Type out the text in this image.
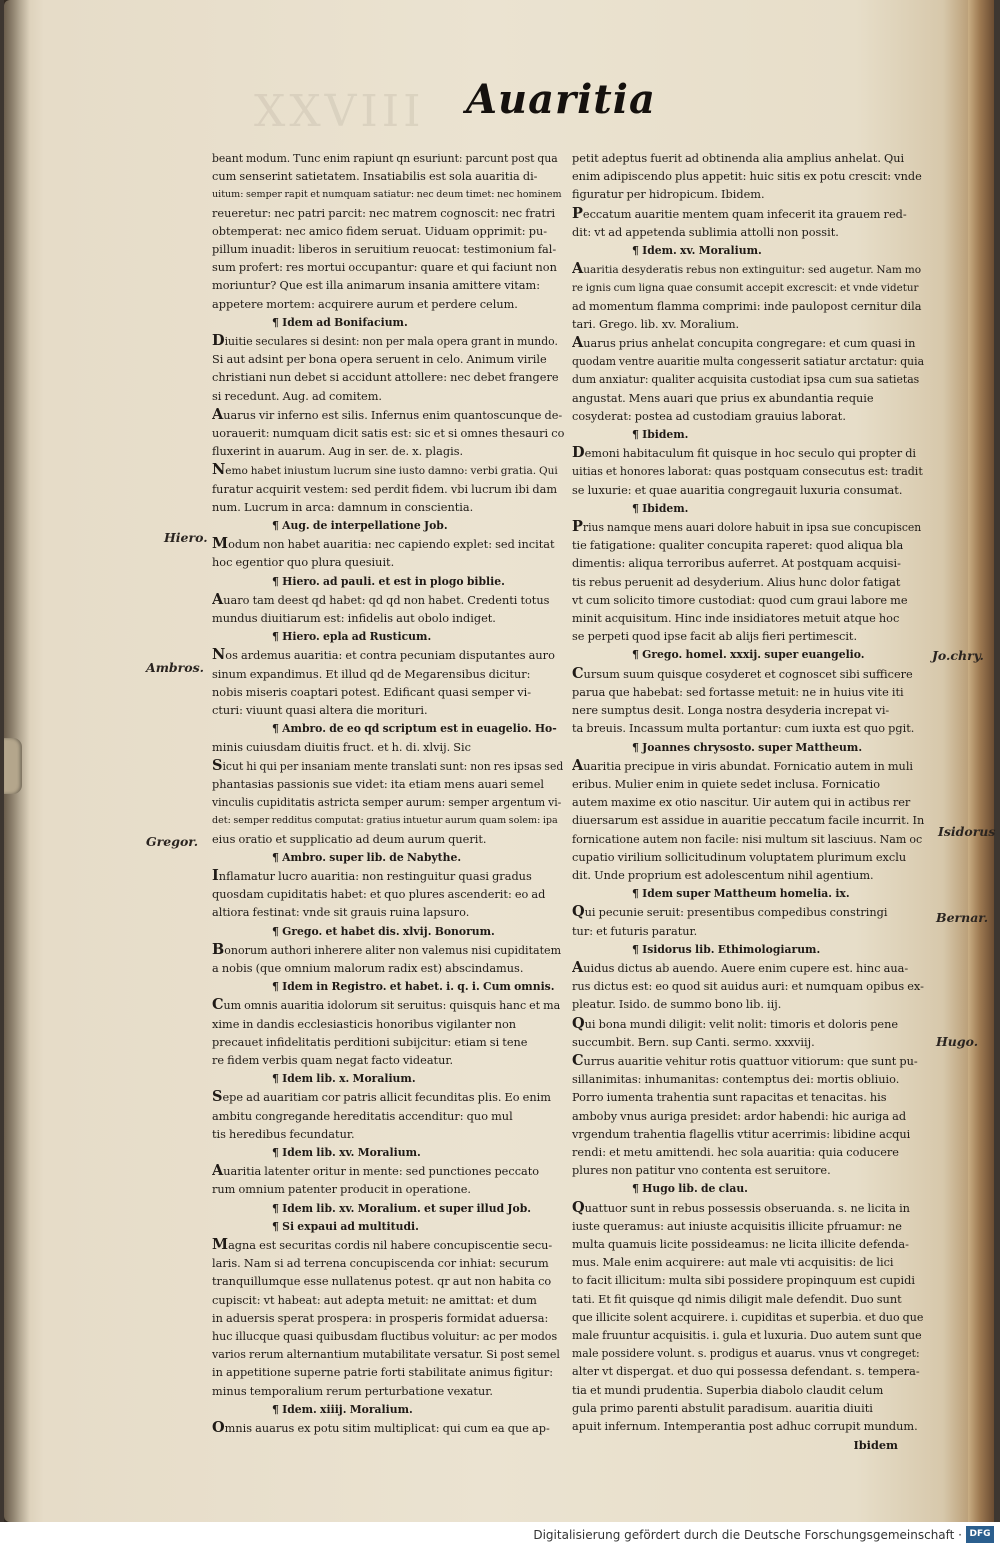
XXVIII Auaritia

beant modum. Tunc enim rapiunt qn esuriunt: parcunt post qua

cum senserint satietatem. Insatiabilis est sola auaritia di-

uitum: semper rapit et numquam satiatur: nec deum timet: nec hominem

reueretur: nec patri parcit: nec matrem cognoscit: nec fratri

obtemperat: nec amico fidem seruat. Uiduam opprimit: pu-

pillum inuadit: liberos in seruitium reuocat: testimonium fal-

sum profert: res mortui occupantur: quare et qui faciunt non

moriuntur? Que est illa animarum insania amittere vitam:

appetere mortem: acquirere aurum et perdere celum.

¶ Idem ad Bonifacium.

Diuitie seculares si desint: non per mala opera grant in mundo.

Si aut adsint per bona opera seruent in celo. Animum virile

christiani nun debet si accidunt attollere: nec debet frangere

si recedunt. Aug. ad comitem.

Auarus vir inferno est silis. Infernus enim quantoscunque de-

uorauerit: numquam dicit satis est: sic et si omnes thesauri co

fluxerint in auarum. Aug in ser. de. x. plagis.

Nemo habet iniustum lucrum sine iusto damno: verbi gratia. Qui

furatur acquirit vestem: sed perdit fidem. vbi lucrum ibi dam

num. Lucrum in arca: damnum in conscientia.

¶ Aug. de interpellatione Job.

Modum non habet auaritia: nec capiendo explet: sed incitat

hoc egentior quo plura quesiuit.

¶ Hiero. ad pauli. et est in plogo biblie.

Auaro tam deest qd habet: qd qd non habet. Credenti totus

mundus diuitiarum est: infidelis aut obolo indiget.

¶ Hiero. epla ad Rusticum.

Nos ardemus auaritia: et contra pecuniam disputantes auro

sinum expandimus. Et illud qd de Megarensibus dicitur:

nobis miseris coaptari potest. Edificant quasi semper vi-

cturi: viuunt quasi altera die morituri.

¶ Ambro. de eo qd scriptum est in euagelio. Ho-

minis cuiusdam diuitis fruct. et h. di. xlvij. Sic

Sicut hi qui per insaniam mente translati sunt: non res ipsas sed

phantasias passionis sue videt: ita etiam mens auari semel

vinculis cupiditatis astricta semper aurum: semper argentum vi-

det: semper redditus computat: gratius intuetur aurum quam solem: ipa

eius oratio et supplicatio ad deum aurum querit.

¶ Ambro. super lib. de Nabythe.

Inflamatur lucro auaritia: non restinguitur quasi gradus

quosdam cupiditatis habet: et quo plures ascenderit: eo ad

altiora festinat: vnde sit grauis ruina lapsuro.

¶ Grego. et habet dis. xlvij. Bonorum.

Bonorum authori inherere aliter non valemus nisi cupiditatem

a nobis (que omnium malorum radix est) abscindamus.

¶ Idem in Registro. et habet. i. q. i. Cum omnis.

Cum omnis auaritia idolorum sit seruitus: quisquis hanc et ma

xime in dandis ecclesiasticis honoribus vigilanter non

precauet infidelitatis perditioni subijcitur: etiam si tene

re fidem verbis quam negat facto videatur.

¶ Idem lib. x. Moralium.

Sepe ad auaritiam cor patris allicit fecunditas plis. Eo enim

ambitu congregande hereditatis accenditur: quo mul

tis heredibus fecundatur.

¶ Idem lib. xv. Moralium.

Auaritia latenter oritur in mente: sed punctiones peccato

rum omnium patenter producit in operatione.

¶ Idem lib. xv. Moralium. et super illud Job.

¶ Si expaui ad multitudi.

Magna est securitas cordis nil habere concupiscentie secu-

laris. Nam si ad terrena concupiscenda cor inhiat: securum

tranquillumque esse nullatenus potest. qr aut non habita co

cupiscit: vt habeat: aut adepta metuit: ne amittat: et dum

in aduersis sperat prospera: in prosperis formidat aduersa:

huc illucque quasi quibusdam fluctibus voluitur: ac per modos

varios rerum alternantium mutabilitate versatur. Si post semel

in appetitione superne patrie forti stabilitate animus figitur:

minus temporalium rerum perturbatione vexatur.

¶ Idem. xiiij. Moralium.

Omnis auarus ex potu sitim multiplicat: qui cum ea que ap-

petit adeptus fuerit ad obtinenda alia amplius anhelat. Qui

enim adipiscendo plus appetit: huic sitis ex potu crescit: vnde

figuratur per hidropicum. Ibidem.

Peccatum auaritie mentem quam infecerit ita grauem red-

dit: vt ad appetenda sublimia attolli non possit.

¶ Idem. xv. Moralium.

Auaritia desyderatis rebus non extinguitur: sed augetur. Nam mo

re ignis cum ligna quae consumit accepit excrescit: et vnde videtur

ad momentum flamma comprimi: inde paulopost cernitur dila

tari. Grego. lib. xv. Moralium.

Auarus prius anhelat concupita congregare: et cum quasi in

quodam ventre auaritie multa congesserit satiatur arctatur: quia

dum anxiatur: qualiter acquisita custodiat ipsa cum sua satietas

angustat. Mens auari que prius ex abundantia requie

cosyderat: postea ad custodiam grauius laborat.

¶ Ibidem.

Demoni habitaculum fit quisque in hoc seculo qui propter di

uitias et honores laborat: quas postquam consecutus est: tradit

se luxurie: et quae auaritia congregauit luxuria consumat.

¶ Ibidem.

Prius namque mens auari dolore habuit in ipsa sue concupiscen

tie fatigatione: qualiter concupita raperet: quod aliqua bla

dimentis: aliqua terroribus auferret. At postquam acquisi-

tis rebus peruenit ad desyderium. Alius hunc dolor fatigat

vt cum solicito timore custodiat: quod cum graui labore me

minit acquisitum. Hinc inde insidiatores metuit atque hoc

se perpeti quod ipse facit ab alijs fieri pertimescit.

¶ Grego. homel. xxxij. super euangelio.

Cursum suum quisque cosyderet et cognoscet sibi sufficere

parua que habebat: sed fortasse metuit: ne in huius vite iti

nere sumptus desit. Longa nostra desyderia increpat vi-

ta breuis. Incassum multa portantur: cum iuxta est quo pgit.

¶ Joannes chrysosto. super Mattheum.

Auaritia precipue in viris abundat. Fornicatio autem in muli

eribus. Mulier enim in quiete sedet inclusa. Fornicatio

autem maxime ex otio nascitur. Uir autem qui in actibus rer

diuersarum est assidue in auaritie peccatum facile incurrit. In

fornicatione autem non facile: nisi multum sit lasciuus. Nam oc

cupatio virilium sollicitudinum voluptatem plurimum exclu

dit. Unde proprium est adolescentum nihil agentium.

¶ Idem super Mattheum homelia. ix.

Qui pecunie seruit: presentibus compedibus constringi

tur: et futuris paratur.

¶ Isidorus lib. Ethimologiarum.

Auidus dictus ab auendo. Auere enim cupere est. hinc aua-

rus dictus est: eo quod sit auidus auri: et numquam opibus ex-

pleatur. Isido. de summo bono lib. iij.

Qui bona mundi diligit: velit nolit: timoris et doloris pene

succumbit. Bern. sup Canti. sermo. xxxviij.

Currus auaritie vehitur rotis quattuor vitiorum: que sunt pu-

sillanimitas: inhumanitas: contemptus dei: mortis obliuio.

Porro iumenta trahentia sunt rapacitas et tenacitas. his

amboby vnus auriga presidet: ardor habendi: hic auriga ad

vrgendum trahentia flagellis vtitur acerrimis: libidine acqui

rendi: et metu amittendi. hec sola auaritia: quia coducere

plures non patitur vno contenta est seruitore.

¶ Hugo lib. de clau.

Quattuor sunt in rebus possessis obseruanda. s. ne licita in

iuste queramus: aut iniuste acquisitis illicite pfruamur: ne

multa quamuis licite possideamus: ne licita illicite defenda-

mus. Male enim acquirere: aut male vti acquisitis: de lici

to facit illicitum: multa sibi possidere propinquum est cupidi

tati. Et fit quisque qd nimis diligit male defendit. Duo sunt

que illicite solent acquirere. i. cupiditas et superbia. et duo que

male fruuntur acquisitis. i. gula et luxuria. Duo autem sunt que

male possidere volunt. s. prodigus et auarus. vnus vt congreget:

alter vt dispergat. et duo qui possessa defendant. s. tempera-

tia et mundi prudentia. Superbia diabolo claudit celum

gula primo parenti abstulit paradisum. auaritia diuiti

apuit infernum. Intemperantia post adhuc corrupit mundum.

Ibidem

Hiero.
Ambros.
Gregor.
Jo.chry.
Isidorus
Bernar.
Hugo.
Digitalisierung gefördert durch die Deutsche Forschungsgemeinschaft · DFG
